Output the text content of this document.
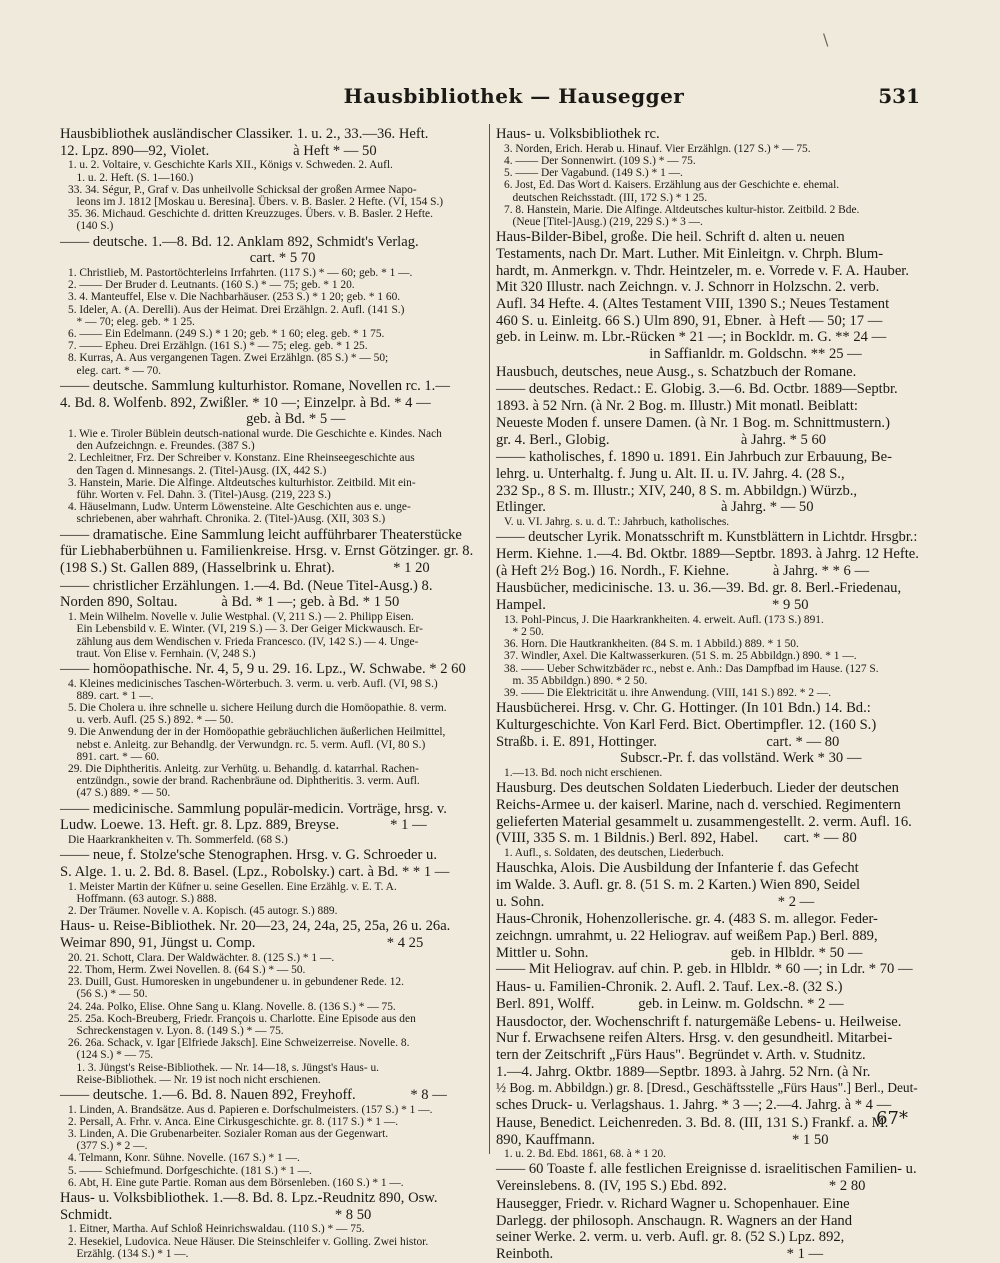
\
Hausbibliothek — Hausegger	531
Hausbibliothek ausländischer Classiker. 1. u. 2., 33.—36. Heft.
12. Lpz. 890—92, Violet.                       à Heft * — 50
1. u. 2. Voltaire, v. Geschichte Karls XII., Königs v. Schweden. 2. Aufl.
1. u. 2. Heft. (S. 1—160.)
33. 34. Ségur, P., Graf v. Das unheilvolle Schicksal der großen Armee Napo-
leons im J. 1812 [Moskau u. Beresina]. Übers. v. B. Basler. 2 Hefte. (VI, 154 S.)
35. 36. Michaud. Geschichte d. dritten Kreuzzuges. Übers. v. B. Basler. 2 Hefte.
(140 S.)
—— deutsche. 1.—8. Bd. 12. Anklam 892, Schmidt's Verlag.
cart. * 5 70
1. Christlieb, M. Pastortöchterleins Irrfahrten. (117 S.) * — 60; geb. * 1 —.
2. —— Der Bruder d. Leutnants. (160 S.) * — 75; geb. * 1 20.
3. 4. Manteuffel, Else v. Die Nachbarhäuser. (253 S.) * 1 20; geb. * 1 60.
5. Ideler, A. (A. Derelli). Aus der Heimat. Drei Erzählgn. 2. Aufl. (141 S.)
* — 70; eleg. geb. * 1 25.
6. —— Ein Edelmann. (249 S.) * 1 20; geb. * 1 60; eleg. geb. * 1 75.
7. —— Epheu. Drei Erzählgn. (161 S.) * — 75; eleg. geb. * 1 25.
8. Kurras, A. Aus vergangenen Tagen. Zwei Erzählgn. (85 S.) * — 50;
eleg. cart. * — 70.
—— deutsche. Sammlung kulturhistor. Romane, Novellen rc. 1.—
4. Bd. 8. Wolfenb. 892, Zwißler. * 10 —; Einzelpr. à Bd. * 4 —
geb. à Bd. * 5 —
1. Wie e. Tiroler Büblein deutsch-national wurde. Die Geschichte e. Kindes. Nach
den Aufzeichngn. e. Freundes. (387 S.)
2. Lechleitner, Frz. Der Schreiber v. Konstanz. Eine Rheinseegeschichte aus
den Tagen d. Minnesangs. 2. (Titel-)Ausg. (IX, 442 S.)
3. Hanstein, Marie. Die Alfinge. Altdeutsches kulturhistor. Zeitbild. Mit ein-
führ. Worten v. Fel. Dahn. 3. (Titel-)Ausg. (219, 223 S.)
4. Häuselmann, Ludw. Unterm Löwensteine. Alte Geschichten aus e. unge-
schriebenen, aber wahrhaft. Chronika. 2. (Titel-)Ausg. (XII, 303 S.)
—— dramatische. Eine Sammlung leicht aufführbarer Theaterstücke
für Liebhaberbühnen u. Familienkreise. Hrsg. v. Ernst Götzinger. gr. 8.
(198 S.) St. Gallen 889, (Hasselbrink u. Ehrat).                * 1 20
—— christlicher Erzählungen. 1.—4. Bd. (Neue Titel-Ausg.) 8.
Norden 890, Soltau.            à Bd. * 1 —; geb. à Bd. * 1 50
1. Mein Wilhelm. Novelle v. Julie Westphal. (V, 211 S.) — 2. Philipp Eisen.
Ein Lebensbild v. E. Winter. (VI, 219 S.) — 3. Der Geiger Mickwausch. Er-
zählung aus dem Wendischen v. Frieda Francesco. (IV, 142 S.) — 4. Unge-
traut. Von Elise v. Fernhain. (V, 248 S.)
—— homöopathische. Nr. 4, 5, 9 u. 29. 16. Lpz., W. Schwabe. * 2 60
4. Kleines medicinisches Taschen-Wörterbuch. 3. verm. u. verb. Aufl. (VI, 98 S.)
889. cart. * 1 —.
5. Die Cholera u. ihre schnelle u. sichere Heilung durch die Homöopathie. 8. verm.
u. verb. Aufl. (25 S.) 892. * — 50.
9. Die Anwendung der in der Homöopathie gebräuchlichen äußerlichen Heilmittel,
nebst e. Anleitg. zur Behandlg. der Verwundgn. rc. 5. verm. Aufl. (VI, 80 S.)
891. cart. * — 60.
29. Die Diphtheritis. Anleitg. zur Verhütg. u. Behandlg. d. katarrhal. Rachen-
entzündgn., sowie der brand. Rachenbräune od. Diphtheritis. 3. verm. Aufl.
(47 S.) 889. * — 50.
—— medicinische. Sammlung populär-medicin. Vorträge, hrsg. v.
Ludw. Loewe. 13. Heft. gr. 8. Lpz. 889, Breyse.              * 1 —
Die Haarkrankheiten v. Th. Sommerfeld. (68 S.)
—— neue, f. Stolze'sche Stenographen. Hrsg. v. G. Schroeder u.
S. Alge. 1. u. 2. Bd. 8. Basel. (Lpz., Robolsky.) cart. à Bd. * * 1 —
1. Meister Martin der Küfner u. seine Gesellen. Eine Erzählg. v. E. T. A.
Hoffmann. (63 autogr. S.) 888.
2. Der Träumer. Novelle v. A. Kopisch. (45 autogr. S.) 889.
Haus- u. Reise-Bibliothek. Nr. 20—23, 24, 24a, 25, 25a, 26 u. 26a.
Weimar 890, 91, Jüngst u. Comp.                                    * 4 25
20. 21. Schott, Clara. Der Waldwächter. 8. (125 S.) * 1 —.
22. Thom, Herm. Zwei Novellen. 8. (64 S.) * — 50.
23. Duill, Gust. Humoresken in ungebundener u. in gebundener Rede. 12.
(56 S.) * — 50.
24. 24a. Polko, Elise. Ohne Sang u. Klang. Novelle. 8. (136 S.) * — 75.
25. 25a. Koch-Breuberg, Friedr. François u. Charlotte. Eine Episode aus den
Schreckenstagen v. Lyon. 8. (149 S.) * — 75.
26. 26a. Schack, v. Igar [Elfriede Jaksch]. Eine Schweizerreise. Novelle. 8.
(124 S.) * — 75.
1. 3. Jüngst's Reise-Bibliothek. — Nr. 14—18, s. Jüngst's Haus- u.
Reise-Bibliothek. — Nr. 19 ist noch nicht erschienen.
—— deutsche. 1.—6. Bd. 8. Nauen 892, Freyhoff.               * 8 —
1. Linden, A. Brandsätze. Aus d. Papieren e. Dorfschulmeisters. (157 S.) * 1 —.
2. Persall, A. Frhr. v. Anca. Eine Cirkusgeschichte. gr. 8. (117 S.) * 1 —.
3. Linden, A. Die Grubenarbeiter. Sozialer Roman aus der Gegenwart.
(377 S.) * 2 —.
4. Telmann, Konr. Sühne. Novelle. (167 S.) * 1 —.
5. —— Schiefmund. Dorfgeschichte. (181 S.) * 1 —.
6. Abt, H. Eine gute Partie. Roman aus dem Börsenleben. (160 S.) * 1 —.
Haus- u. Volksbibliothek. 1.—8. Bd. 8. Lpz.-Reudnitz 890, Osw.
Schmidt.                                                             * 8 50
1. Eitner, Martha. Auf Schloß Heinrichswaldau. (110 S.) * — 75.
2. Hesekiel, Ludovica. Neue Häuser. Die Steinschleifer v. Golling. Zwei histor.
Erzählg. (134 S.) * 1 —.
Haus- u. Volksbibliothek rc.
3. Norden, Erich. Herab u. Hinauf. Vier Erzählgn. (127 S.) * — 75.
4. —— Der Sonnenwirt. (109 S.) * — 75.
5. —— Der Vagabund. (149 S.) * 1 —.
6. Jost, Ed. Das Wort d. Kaisers. Erzählung aus der Geschichte e. ehemal.
deutschen Reichsstadt. (III, 172 S.) * 1 25.
7. 8. Hanstein, Marie. Die Alfinge. Altdeutsches kultur-histor. Zeitbild. 2 Bde.
(Neue [Titel-]Ausg.) (219, 229 S.) * 3 —.
Haus-Bilder-Bibel, große. Die heil. Schrift d. alten u. neuen
Testaments, nach Dr. Mart. Luther. Mit Einleitgn. v. Chrph. Blum-
hardt, m. Anmerkgn. v. Thdr. Heintzeler, m. e. Vorrede v. F. A. Hauber.
Mit 320 Illustr. nach Zeichngn. v. J. Schnorr in Holzschn. 2. verb.
Aufl. 34 Hefte. 4. (Altes Testament VIII, 1390 S.; Neues Testament
460 S. u. Einleitg. 66 S.) Ulm 890, 91, Ebner.  à Heft — 50; 17 —
geb. in Leinw. m. Lbr.-Rücken * 21 —; in Bockldr. m. G. ** 24 —
in Saffianldr. m. Goldschn. ** 25 —
Hausbuch, deutsches, neue Ausg., s. Schatzbuch der Romane.
—— deutsches. Redact.: E. Globig. 3.—6. Bd. Octbr. 1889—Septbr.
1893. à 52 Nrn. (à Nr. 2 Bog. m. Illustr.) Mit monatl. Beiblatt:
Neueste Moden f. unsere Damen. (à Nr. 1 Bog. m. Schnittmustern.)
gr. 4. Berl., Globig.                                    à Jahrg. * 5 60
—— katholisches, f. 1890 u. 1891. Ein Jahrbuch zur Erbauung, Be-
lehrg. u. Unterhaltg. f. Jung u. Alt. II. u. IV. Jahrg. 4. (28 S.,
232 Sp., 8 S. m. Illustr.; XIV, 240, 8 S. m. Abbildgn.) Würzb.,
Etlinger.                                                à Jahrg. * — 50
V. u. VI. Jahrg. s. u. d. T.: Jahrbuch, katholisches.
—— deutscher Lyrik. Monatsschrift m. Kunstblättern in Lichtdr. Hrsgbr.:
Herm. Kiehne. 1.—4. Bd. Oktbr. 1889—Septbr. 1893. à Jahrg. 12 Hefte.
(à Heft 2½ Bog.) 16. Nordh., F. Kiehne.            à Jahrg. * * 6 —
Hausbücher, medicinische. 13. u. 36.—39. Bd. gr. 8. Berl.-Friedenau,
Hampel.                                                              * 9 50
13. Pohl-Pincus, J. Die Haarkrankheiten. 4. erweit. Aufl. (173 S.) 891.
* 2 50.
36. Horn. Die Hautkrankheiten. (84 S. m. 1 Abbild.) 889. * 1 50.
37. Windler, Axel. Die Kaltwasserkuren. (51 S. m. 25 Abbildgn.) 890. * 1 —.
38. —— Ueber Schwitzbäder rc., nebst e. Anh.: Das Dampfbad im Hause. (127 S.
m. 35 Abbildgn.) 890. * 2 50.
39. —— Die Elektricität u. ihre Anwendung. (VIII, 141 S.) 892. * 2 —.
Hausbücherei. Hrsg. v. Chr. G. Hottinger. (In 101 Bdn.) 14. Bd.:
Kulturgeschichte. Von Karl Ferd. Bict. Obertimpfler. 12. (160 S.)
Straßb. i. E. 891, Hottinger.                              cart. * — 80
Subscr.-Pr. f. das vollständ. Werk * 30 —
1.—13. Bd. noch nicht erschienen.
Hausburg. Des deutschen Soldaten Liederbuch. Lieder der deutschen
Reichs-Armee u. der kaiserl. Marine, nach d. verschied. Regimentern
gelieferten Material gesammelt u. zusammengestellt. 2. verm. Aufl. 16.
(VIII, 335 S. m. 1 Bildnis.) Berl. 892, Habel.       cart. * — 80
1. Aufl., s. Soldaten, des deutschen, Liederbuch.
Hauschka, Alois. Die Ausbildung der Infanterie f. das Gefecht
im Walde. 3. Aufl. gr. 8. (51 S. m. 2 Karten.) Wien 890, Seidel
u. Sohn.                                                                * 2 —
Haus-Chronik, Hohenzollerische. gr. 4. (483 S. m. allegor. Feder-
zeichngn. umrahmt, u. 22 Heliograv. auf weißem Pap.) Berl. 889,
Mittler u. Sohn.                                       geb. in Hlbldr. * 50 —
—— Mit Heliograv. auf chin. P. geb. in Hlbldr. * 60 —; in Ldr. * 70 —
Haus- u. Familien-Chronik. 2. Aufl. 2. Tauf. Lex.-8. (32 S.)
Berl. 891, Wolff.            geb. in Leinw. m. Goldschn. * 2 —
Hausdoctor, der. Wochenschrift f. naturgemäße Lebens- u. Heilweise.
Nur f. Erwachsene reifen Alters. Hrsg. v. den gesundheitl. Mitarbei-
tern der Zeitschrift „Fürs Haus". Begründet v. Arth. v. Studnitz.
1.—4. Jahrg. Oktbr. 1889—Septbr. 1893. à Jahrg. 52 Nrn. (à Nr.
½ Bog. m. Abbildgn.) gr. 8. [Dresd., Geschäftsstelle „Fürs Haus".] Berl., Deut-
sches Druck- u. Verlagshaus. 1. Jahrg. * 3 —; 2.—4. Jahrg. à * 4 —
Hause, Benedict. Leichenreden. 3. Bd. 8. (III, 131 S.) Frankf. a. M.
890, Kauffmann.                                                      * 1 50
1. u. 2. Bd. Ebd. 1861, 68. à * 1 20.
—— 60 Toaste f. alle festlichen Ereignisse d. israelitischen Familien- u.
Vereinslebens. 8. (IV, 195 S.) Ebd. 892.                            * 2 80
Hausegger, Friedr. v. Richard Wagner u. Schopenhauer. Eine
Darlegg. der philosoph. Anschaugn. R. Wagners an der Hand
seiner Werke. 2. verm. u. verb. Aufl. gr. 8. (52 S.) Lpz. 892,
Reinboth.                                                                * 1 —
67*
